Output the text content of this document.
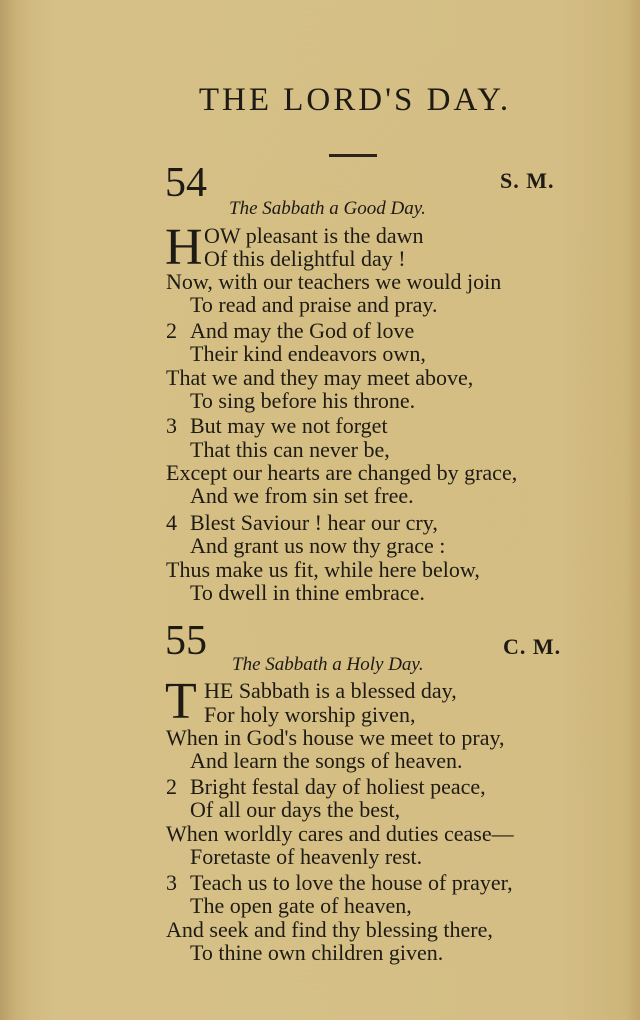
THE LORD'S DAY.
54	S. M.
The Sabbath a Good Day.
H OW pleasant is the dawn
Of this delightful day !
Now, with our teachers we would join
To read and praise and pray.
2 And may the God of love
Their kind endeavors own,
That we and they may meet above,
To sing before his throne.
3 But may we not forget
That this can never be,
Except our hearts are changed by grace,
And we from sin set free.
4 Blest Saviour ! hear our cry,
And grant us now thy grace :
Thus make us fit, while here below,
To dwell in thine embrace.
55	C. M.
The Sabbath a Holy Day.
T HE Sabbath is a blessed day,
For holy worship given,
When in God's house we meet to pray,
And learn the songs of heaven.
2 Bright festal day of holiest peace,
Of all our days the best,
When worldly cares and duties cease—
Foretaste of heavenly rest.
3 Teach us to love the house of prayer,
The open gate of heaven,
And seek and find thy blessing there,
To thine own children given.
